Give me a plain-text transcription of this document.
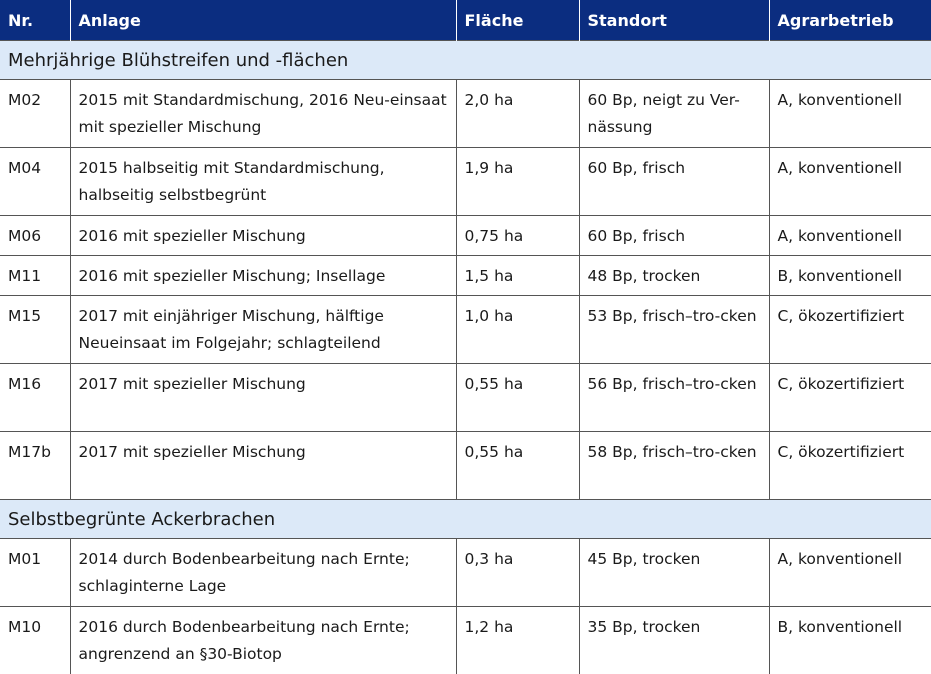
Nr.	Anlage	Fläche	Standort	Agrarbetrieb
Mehrjährige Blühstreifen und -flächen				
M02	2015 mit Standardmischung, 2016 Neu-einsaat mit spezieller Mischung	2,0 ha	60 Bp, neigt zu Ver-nässung	A, konventionell
M04	2015 halbseitig mit Standardmischung, halbseitig selbstbegrünt	1,9 ha	60 Bp, frisch	A, konventionell
M06	2016 mit spezieller Mischung	0,75 ha	60 Bp, frisch	A, konventionell
M11	2016 mit spezieller Mischung; Insellage	1,5 ha	48 Bp, trocken	B, konventionell
M15	2017 mit einjähriger Mischung, hälftige Neueinsaat im Folgejahr; schlagteilend	1,0 ha	53 Bp, frisch–tro-cken	C, ökozertifiziert
M16	2017 mit spezieller Mischung	0,55 ha	56 Bp, frisch–tro-cken	C, ökozertifiziert
M17b	2017 mit spezieller Mischung	0,55 ha	58 Bp, frisch–tro-cken	C, ökozertifiziert
Selbstbegrünte Ackerbrachen				
M01	2014 durch Bodenbearbeitung nach Ernte; schlaginterne Lage	0,3 ha	45 Bp, trocken	A, konventionell
M10	2016 durch Bodenbearbeitung nach Ernte; angrenzend an §30-Biotop	1,2 ha	35 Bp, trocken	B, konventionell
